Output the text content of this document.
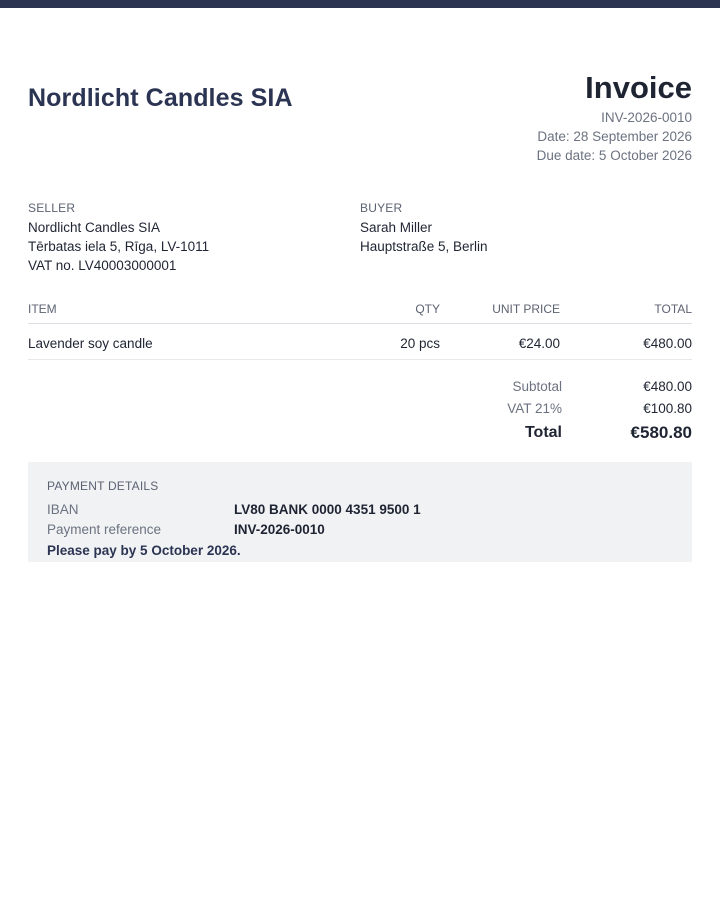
Nordlicht Candles SIA	Invoice
INV-2026-0010
Date: 28 September 2026
Due date: 5 October 2026
SELLER
Nordlicht Candles SIA
Tērbatas iela 5, Rīga, LV-1011
VAT no. LV40003000001
BUYER
Sarah Miller
Hauptstraße 5, Berlin
ITEM	QTY	UNIT PRICE	TOTAL
Lavender soy candle	20 pcs	€24.00	€480.00
Subtotal	€480.00
VAT 21%	€100.80
Total	€580.80
PAYMENT DETAILS
IBAN	LV80 BANK 0000 4351 9500 1
Payment reference	INV-2026-0010
Please pay by 5 October 2026.
